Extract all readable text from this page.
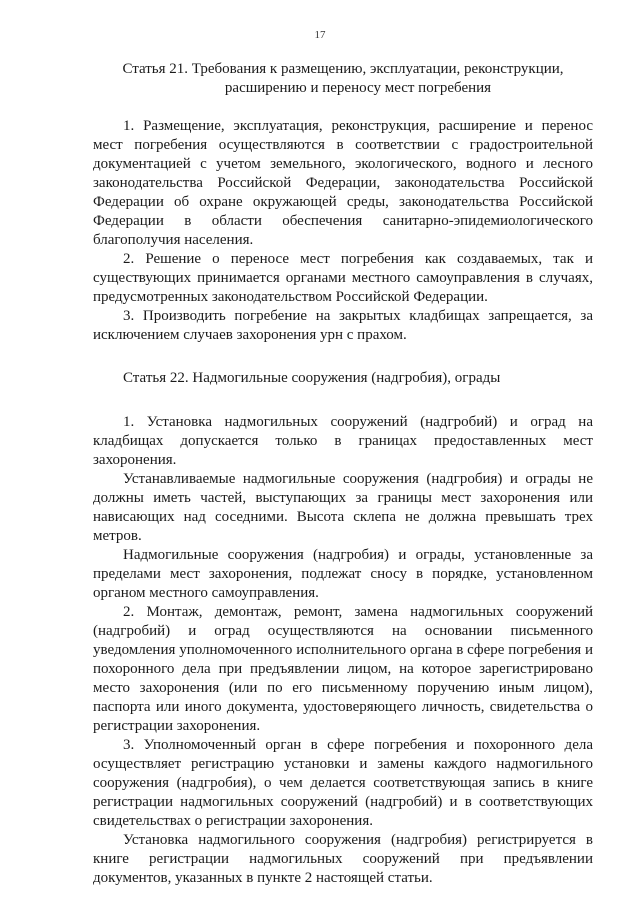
17
Статья 21. Требования к размещению, эксплуатации, реконструкции,
расширению и переносу мест погребения

1. Размещение, эксплуатация, реконструкция, расширение и перенос мест погребения осуществляются в соответствии с градостроительной документацией с учетом земельного, экологического, водного и лесного законодательства Российской Федерации, законодательства Российской Федерации об охране окружающей среды, законодательства Российской Федерации в области обеспечения санитарно-эпидемиологического благополучия населения.

2. Решение о переносе мест погребения как создаваемых, так и существующих принимается органами местного самоуправления в случаях, предусмотренных законодательством Российской Федерации.

3. Производить погребение на закрытых кладбищах запрещается, за исключением случаев захоронения урн с прахом.

Статья 22. Надмогильные сооружения (надгробия), ограды

1. Установка надмогильных сооружений (надгробий) и оград на кладбищах допускается только в границах предоставленных мест захоронения.

Устанавливаемые надмогильные сооружения (надгробия) и ограды не должны иметь частей, выступающих за границы мест захоронения или нависающих над соседними. Высота склепа не должна превышать трех метров.

Надмогильные сооружения (надгробия) и ограды, установленные за пределами мест захоронения, подлежат сносу в порядке, установленном органом местного самоуправления.

2. Монтаж, демонтаж, ремонт, замена надмогильных сооружений (надгробий) и оград осуществляются на основании письменного уведомления уполномоченного исполнительного органа в сфере погребения и похоронного дела при предъявлении лицом, на которое зарегистрировано место захоронения (или по его письменному поручению иным лицом), паспорта или иного документа, удостоверяющего личность, свидетельства о регистрации захоронения.

3. Уполномоченный орган в сфере погребения и похоронного дела осуществляет регистрацию установки и замены каждого надмогильного сооружения (надгробия), о чем делается соответствующая запись в книге регистрации надмогильных сооружений (надгробий) и в соответствующих свидетельствах о регистрации захоронения.

Установка надмогильного сооружения (надгробия) регистрируется в книге регистрации надмогильных сооружений при предъявлении документов, указанных в пункте 2 настоящей статьи.
